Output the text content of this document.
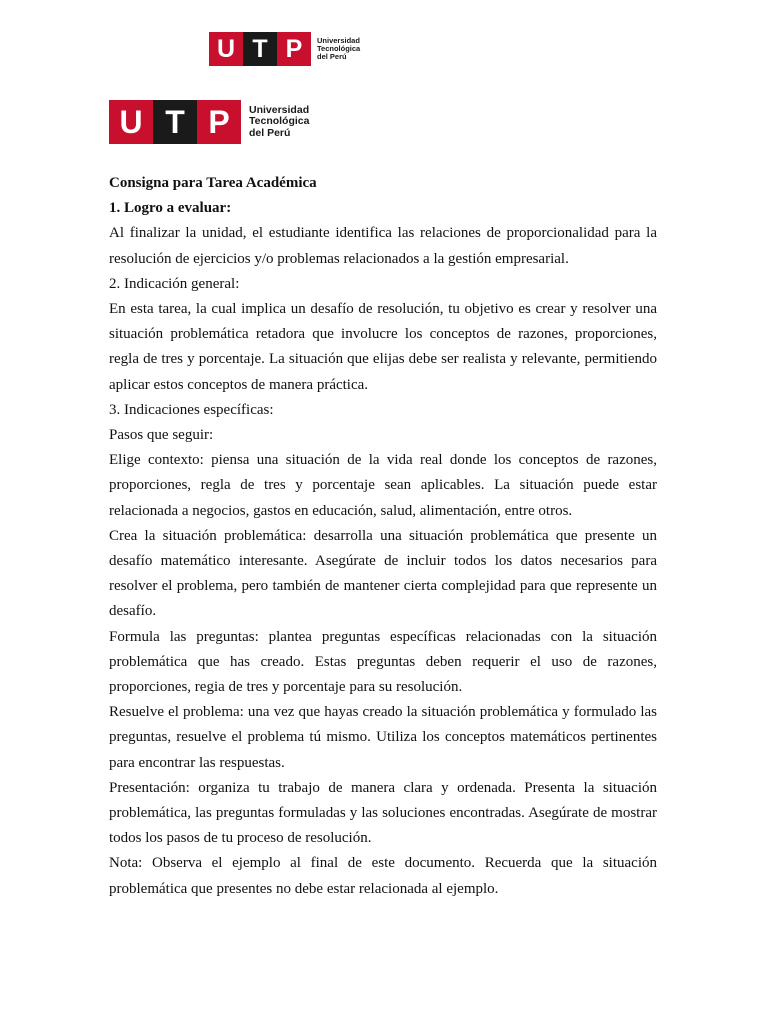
U T P	Universidad
Tecnológica
del Perú
U T P	Universidad
Tecnológica
del Perú

Consigna para Tarea Académica

1. Logro a evaluar:

Al finalizar la unidad, el estudiante identifica las relaciones de proporcionalidad para la resolución de ejercicios y/o problemas relacionados a la gestión empresarial.

2. Indicación general:

En esta tarea, la cual implica un desafío de resolución, tu objetivo es crear y resolver una situación problemática retadora que involucre los conceptos de razones, proporciones, regla de tres y porcentaje. La situación que elijas debe ser realista y relevante, permitiendo aplicar estos conceptos de manera práctica.

3. Indicaciones específicas:

Pasos que seguir:

Elige contexto: piensa una situación de la vida real donde los conceptos de razones, proporciones, regla de tres y porcentaje sean aplicables. La situación puede estar relacionada a negocios, gastos en educación, salud, alimentación, entre otros.

Crea la situación problemática: desarrolla una situación problemática que presente un desafío matemático interesante. Asegúrate de incluir todos los datos necesarios para resolver el problema, pero también de mantener cierta complejidad para que represente un desafío.

Formula las preguntas: plantea preguntas específicas relacionadas con la situación problemática que has creado. Estas preguntas deben requerir el uso de razones, proporciones, regia de tres y porcentaje para su resolución.

Resuelve el problema: una vez que hayas creado la situación problemática y formulado las preguntas, resuelve el problema tú mismo. Utiliza los conceptos matemáticos pertinentes para encontrar las respuestas.

Presentación: organiza tu trabajo de manera clara y ordenada. Presenta la situación problemática, las preguntas formuladas y las soluciones encontradas. Asegúrate de mostrar todos los pasos de tu proceso de resolución.

Nota: Observa el ejemplo al final de este documento. Recuerda que la situación problemática que presentes no debe estar relacionada al ejemplo.
